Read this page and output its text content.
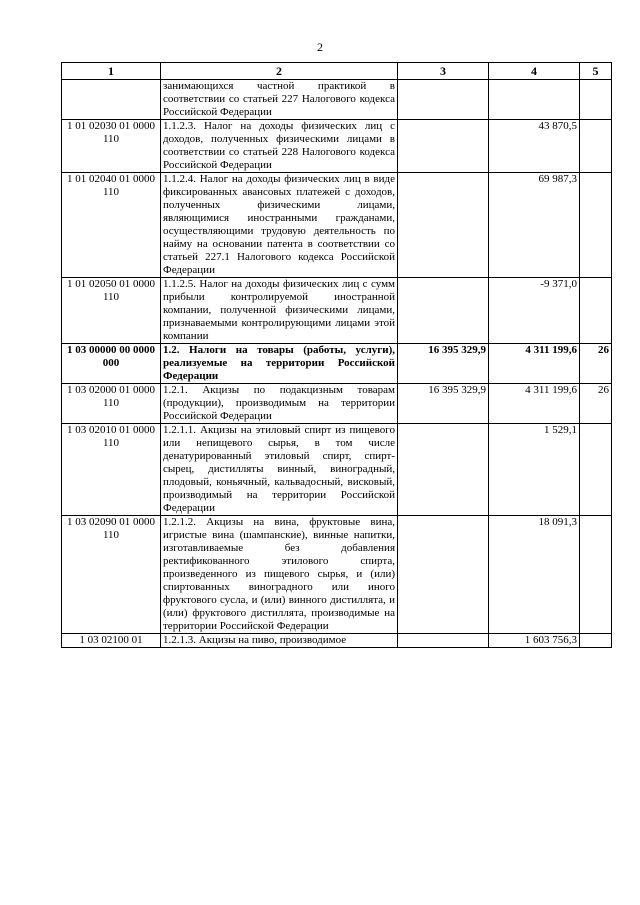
2
1	2	3	4	5
	занимающихся частной практикой в соответствии со статьей 227 Налогового кодекса Российской Федерации			
1 01 02030 01 0000 110	1.1.2.3. Налог на доходы физических лиц с доходов, полученных физическими лицами в соответствии со статьей 228 Налогового кодекса Российской Федерации		43 870,5	
1 01 02040 01 0000 110	1.1.2.4. Налог на доходы физических лиц в виде фиксированных авансовых платежей с доходов, полученных физическими лицами, являющимися иностранными гражданами, осуществляющими трудовую деятельность по найму на основании патента в соответствии со статьей 227.1 Налогового кодекса Российской Федерации		69 987,3	
1 01 02050 01 0000 110	1.1.2.5. Налог на доходы физических лиц с сумм прибыли контролируемой иностранной компании, полученной физическими лицами, признаваемыми контролирующими лицами этой компании		-9 371,0	
1 03 00000 00 0000 000	1.2. Налоги на товары (работы, услуги), реализуемые на территории Российской Федерации	16 395 329,9	4 311 199,6	26
1 03 02000 01 0000 110	1.2.1. Акцизы по подакцизным товарам (продукции), производимым на территории Российской Федерации	16 395 329,9	4 311 199,6	26
1 03 02010 01 0000 110	1.2.1.1. Акцизы на этиловый спирт из пищевого или непищевого сырья, в том числе денатурированный этиловый спирт, спирт-сырец, дистилляты винный, виноградный, плодовый, коньячный, кальвадосный, висковый, производимый на территории Российской Федерации		1 529,1	
1 03 02090 01 0000 110	1.2.1.2. Акцизы на вина, фруктовые вина, игристые вина (шампанские), винные напитки, изготавливаемые без добавления ректификованного этилового спирта, произведенного из пищевого сырья, и (или) спиртованных виноградного или иного фруктового сусла, и (или) винного дистиллята, и (или) фруктового дистиллята, производимые на территории Российской Федерации		18 091,3	
1 03 02100 01	1.2.1.3. Акцизы на пиво, производимое		1 603 756,3	
